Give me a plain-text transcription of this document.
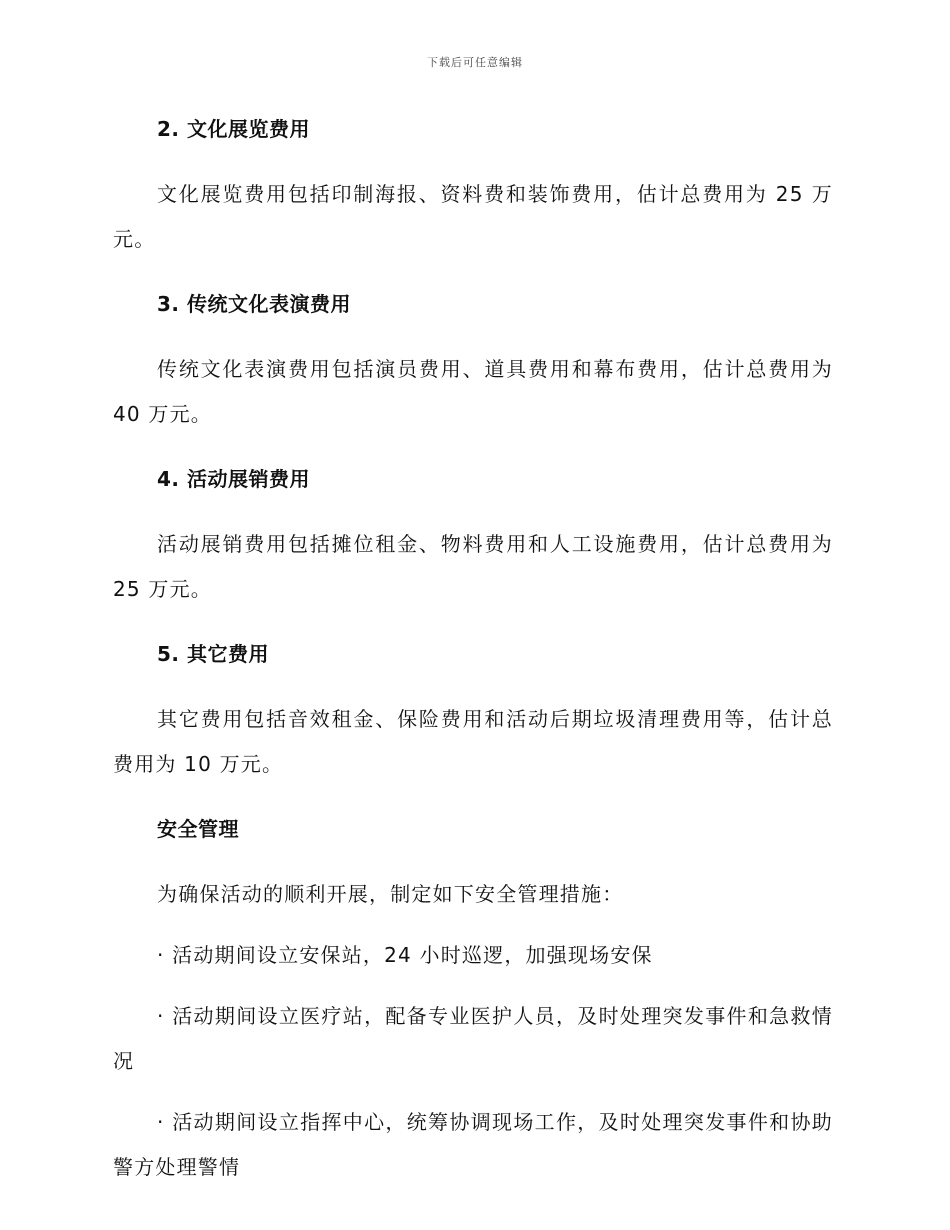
下载后可任意编辑
2. 文化展览费用

文化展览费用包括印制海报、资料费和装饰费用，估计总费用为 25 万元。

3. 传统文化表演费用

传统文化表演费用包括演员费用、道具费用和幕布费用，估计总费用为 40 万元。

4. 活动展销费用

活动展销费用包括摊位租金、物料费用和人工设施费用，估计总费用为 25 万元。

5. 其它费用

其它费用包括音效租金、保险费用和活动后期垃圾清理费用等，估计总费用为 10 万元。

安全管理

为确保活动的顺利开展，制定如下安全管理措施：

· 活动期间设立安保站，24 小时巡逻，加强现场安保

· 活动期间设立医疗站，配备专业医护人员，及时处理突发事件和急救情况

· 活动期间设立指挥中心，统筹协调现场工作，及时处理突发事件和协助警方处理警情
